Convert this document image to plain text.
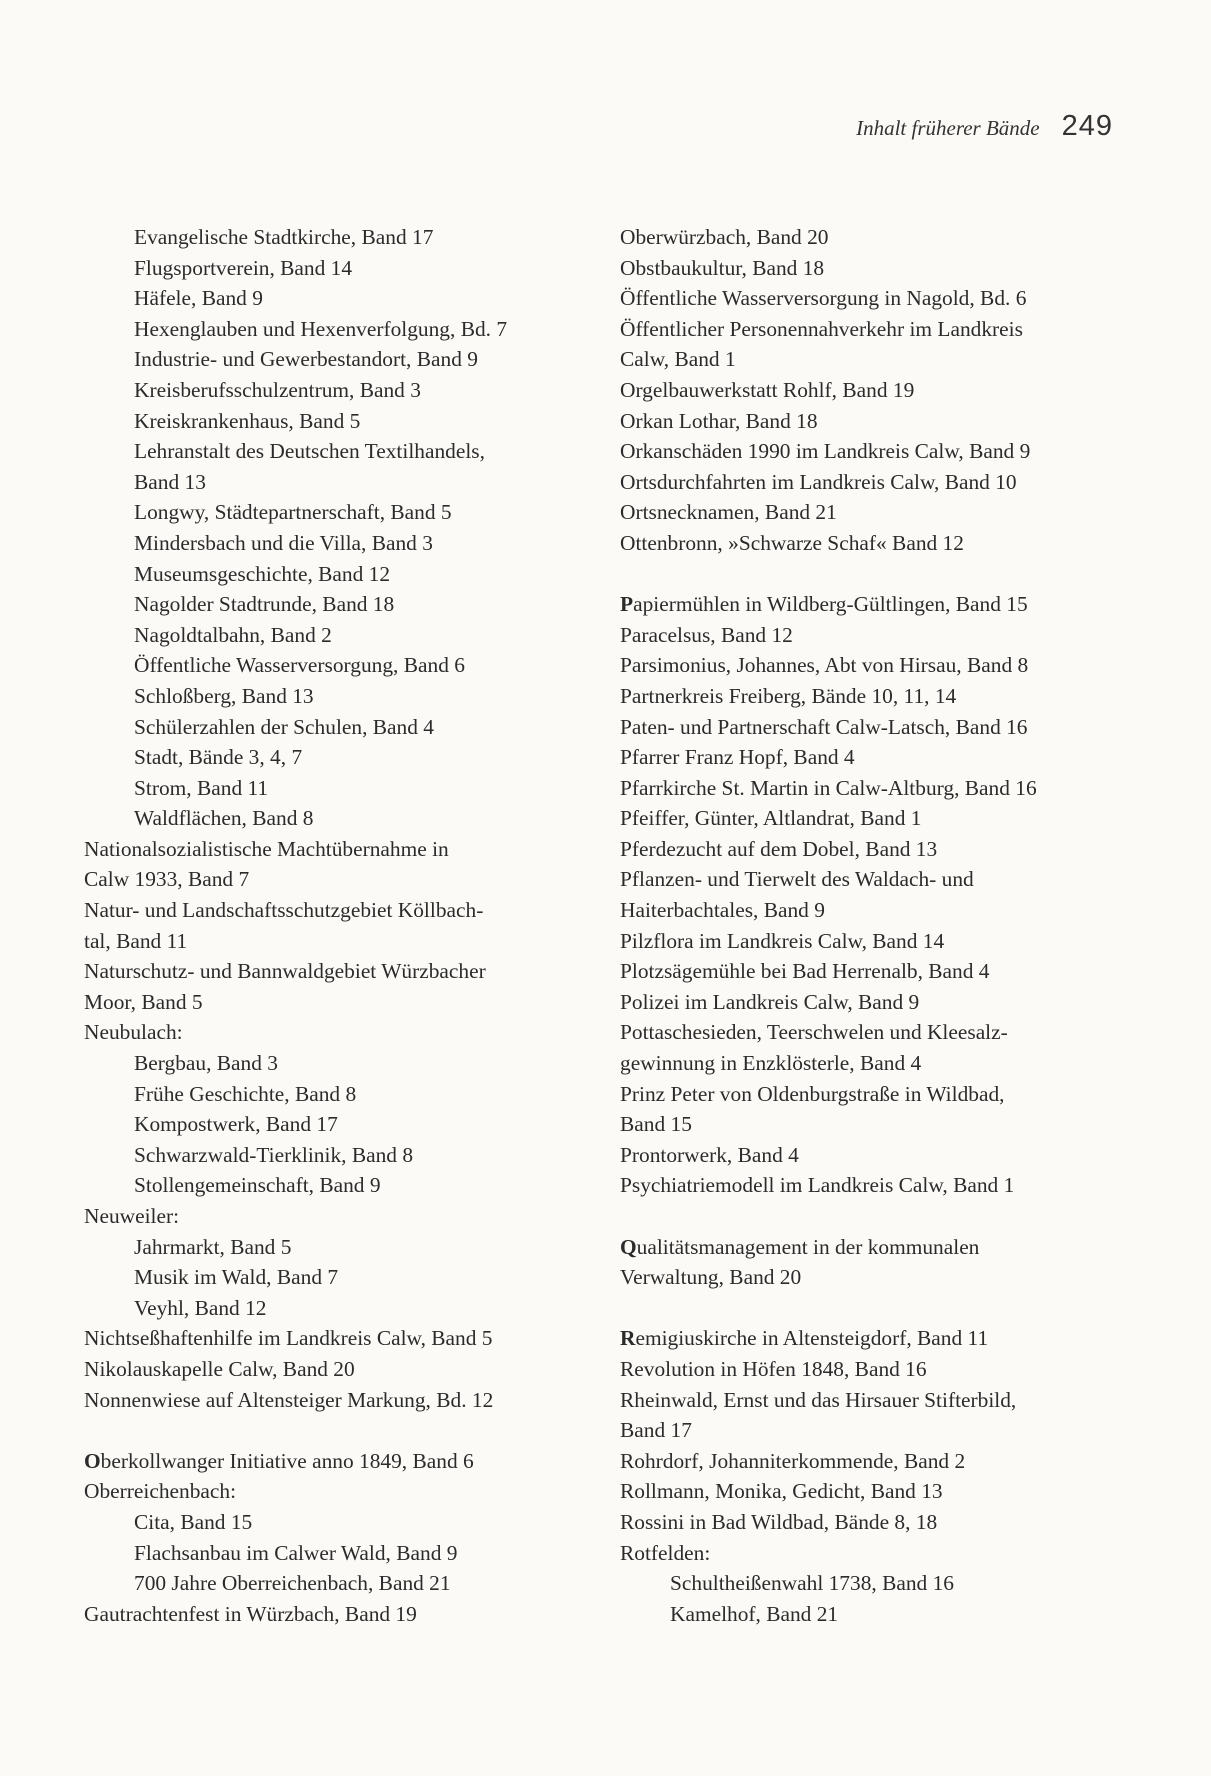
Inhalt früherer Bände 249
Evangelische Stadtkirche, Band 17
Flugsportverein, Band 14
Häfele, Band 9
Hexenglauben und Hexenverfolgung, Bd. 7
Industrie- und Gewerbestandort, Band 9
Kreisberufsschulzentrum, Band 3
Kreiskrankenhaus, Band 5
Lehranstalt des Deutschen Textilhandels,
Band 13
Longwy, Städtepartnerschaft, Band 5
Mindersbach und die Villa, Band 3
Museumsgeschichte, Band 12
Nagolder Stadtrunde, Band 18
Nagoldtalbahn, Band 2
Öffentliche Wasserversorgung, Band 6
Schloßberg, Band 13
Schülerzahlen der Schulen, Band 4
Stadt, Bände 3, 4, 7
Strom, Band 11
Waldflächen, Band 8
Nationalsozialistische Machtübernahme in
Calw 1933, Band 7
Natur- und Landschaftsschutzgebiet Köllbach-
tal, Band 11
Naturschutz- und Bannwaldgebiet Würzbacher
Moor, Band 5
Neubulach:
Bergbau, Band 3
Frühe Geschichte, Band 8
Kompostwerk, Band 17
Schwarzwald-Tierklinik, Band 8
Stollengemeinschaft, Band 9
Neuweiler:
Jahrmarkt, Band 5
Musik im Wald, Band 7
Veyhl, Band 12
Nichtseßhaftenhilfe im Landkreis Calw, Band 5
Nikolauskapelle Calw, Band 20
Nonnenwiese auf Altensteiger Markung, Bd. 12
Oberkollwanger Initiative anno 1849, Band 6
Oberreichenbach:
Cita, Band 15
Flachsanbau im Calwer Wald, Band 9
700 Jahre Oberreichenbach, Band 21
Gautrachtenfest in Würzbach, Band 19
Oberwürzbach, Band 20
Obstbaukultur, Band 18
Öffentliche Wasserversorgung in Nagold, Bd. 6
Öffentlicher Personennahverkehr im Landkreis
Calw, Band 1
Orgelbauwerkstatt Rohlf, Band 19
Orkan Lothar, Band 18
Orkanschäden 1990 im Landkreis Calw, Band 9
Ortsdurchfahrten im Landkreis Calw, Band 10
Ortsnecknamen, Band 21
Ottenbronn, »Schwarze Schaf« Band 12
Papiermühlen in Wildberg-Gültlingen, Band 15
Paracelsus, Band 12
Parsimonius, Johannes, Abt von Hirsau, Band 8
Partnerkreis Freiberg, Bände 10, 11, 14
Paten- und Partnerschaft Calw-Latsch, Band 16
Pfarrer Franz Hopf, Band 4
Pfarrkirche St. Martin in Calw-Altburg, Band 16
Pfeiffer, Günter, Altlandrat, Band 1
Pferdezucht auf dem Dobel, Band 13
Pflanzen- und Tierwelt des Waldach- und
Haiterbachtales, Band 9
Pilzflora im Landkreis Calw, Band 14
Plotzsägemühle bei Bad Herrenalb, Band 4
Polizei im Landkreis Calw, Band 9
Pottaschesieden, Teerschwelen und Kleesalz-
gewinnung in Enzklösterle, Band 4
Prinz Peter von Oldenburgstraße in Wildbad,
Band 15
Prontorwerk, Band 4
Psychiatriemodell im Landkreis Calw, Band 1
Qualitätsmanagement in der kommunalen
Verwaltung, Band 20
Remigiuskirche in Altensteigdorf, Band 11
Revolution in Höfen 1848, Band 16
Rheinwald, Ernst und das Hirsauer Stifterbild,
Band 17
Rohrdorf, Johanniterkommende, Band 2
Rollmann, Monika, Gedicht, Band 13
Rossini in Bad Wildbad, Bände 8, 18
Rotfelden:
Schultheißenwahl 1738, Band 16
Kamelhof, Band 21
